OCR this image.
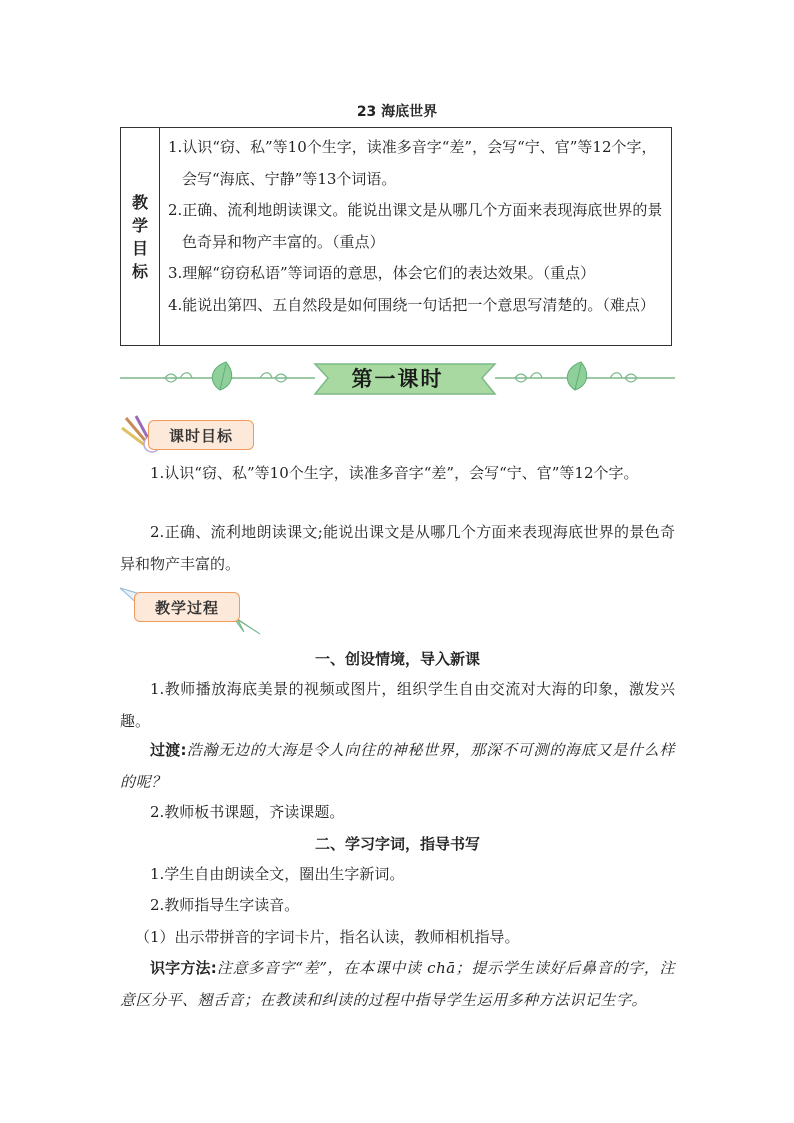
23 海底世界
教
学
目
标
1.认识“窃、私”等10个生字，读准多音字“差”，会写“宁、官”等12个字，会写“海底、宁静”等13个词语。
2.正确、流利地朗读课文。能说出课文是从哪几个方面来表现海底世界的景色奇异和物产丰富的。（重点）
3.理解“窃窃私语”等词语的意思，体会它们的表达效果。（重点）
4.能说出第四、五自然段是如何围绕一句话把一个意思写清楚的。（难点）
第一课时
课时目标
1.认识“窃、私”等10个生字，读准多音字“差”，会写“宁、官”等12个字。
2.正确、流利地朗读课文;能说出课文是从哪几个方面来表现海底世界的景色奇异和物产丰富的。
教学过程
一、创设情境，导入新课
1.教师播放海底美景的视频或图片，组织学生自由交流对大海的印象，激发兴趣。
过渡:浩瀚无边的大海是令人向往的神秘世界，那深不可测的海底又是什么样的呢？
2.教师板书课题，齐读课题。
二、学习字词，指导书写
1.学生自由朗读全文，圈出生字新词。
2.教师指导生字读音。
（1）出示带拼音的字词卡片，指名认读，教师相机指导。
识字方法:注意多音字“差”，在本课中读 chā；提示学生读好后鼻音的字，注意区分平、翘舌音；在教读和纠读的过程中指导学生运用多种方法识记生字。
